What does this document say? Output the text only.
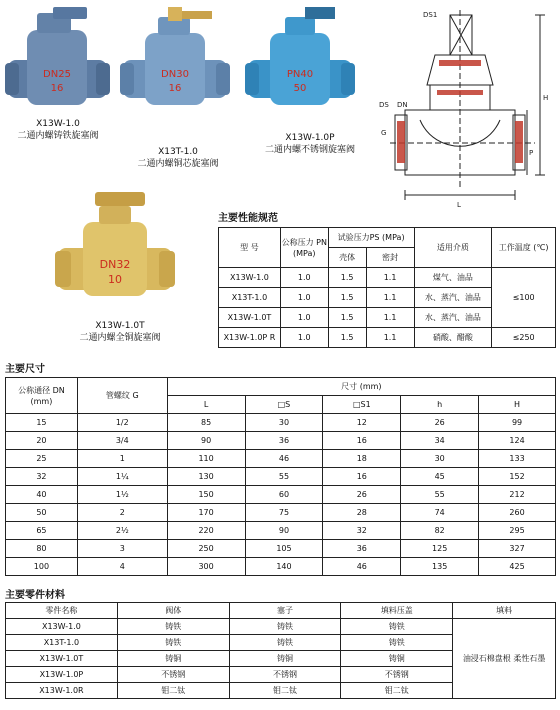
DN25
16
DN30
16
PN40
50
DN32
10
X13W-1.0
二通内螺铸铁旋塞阀
X13T-1.0
二通内螺铜芯旋塞阀
X13W-1.0P
二通内螺不锈钢旋塞阀
X13W-1.0T
二通内螺全铜旋塞阀
DS1
DS DN
G
H
P
L
主要性能规范
型 号	公称压力 PN (MPa)	试验压力PS (MPa)		适用介质	工作温度 (℃)
		壳体	密封		
X13W-1.0	1.0	1.5	1.1	煤气、油品	≤100
X13T-1.0	1.0	1.5	1.1	水、蒸汽、油品	
X13W-1.0T	1.0	1.5	1.1	水、蒸汽、油品	
X13W-1.0P R	1.0	1.5	1.1	硝酸、醋酸	≤250
主要尺寸
公称通径 DN (mm)	管螺纹 G	尺寸 (mm)				
		L	□S	□S1	h	H
15	1/2	85	30	12	26	99
20	3/4	90	36	16	34	124
25	1	110	46	18	30	133
32	1¼	130	55	16	45	152
40	1½	150	60	26	55	212
50	2	170	75	28	74	260
65	2½	220	90	32	82	295
80	3	250	105	36	125	327
100	4	300	140	46	135	425
主要零件材料
零件名称	阀体	塞子	填料压盖	填料
X13W-1.0	铸铁	铸铁	铸铁	油浸石棉盘根 柔性石墨
X13T-1.0	铸铁	铸铁	铸铁	
X13W-1.0T	铸铜	铸铜	铸铜	
X13W-1.0P	不锈钢	不锈钢	不锈钢	
X13W-1.0R	钼二钛	钼二钛	钼二钛	
